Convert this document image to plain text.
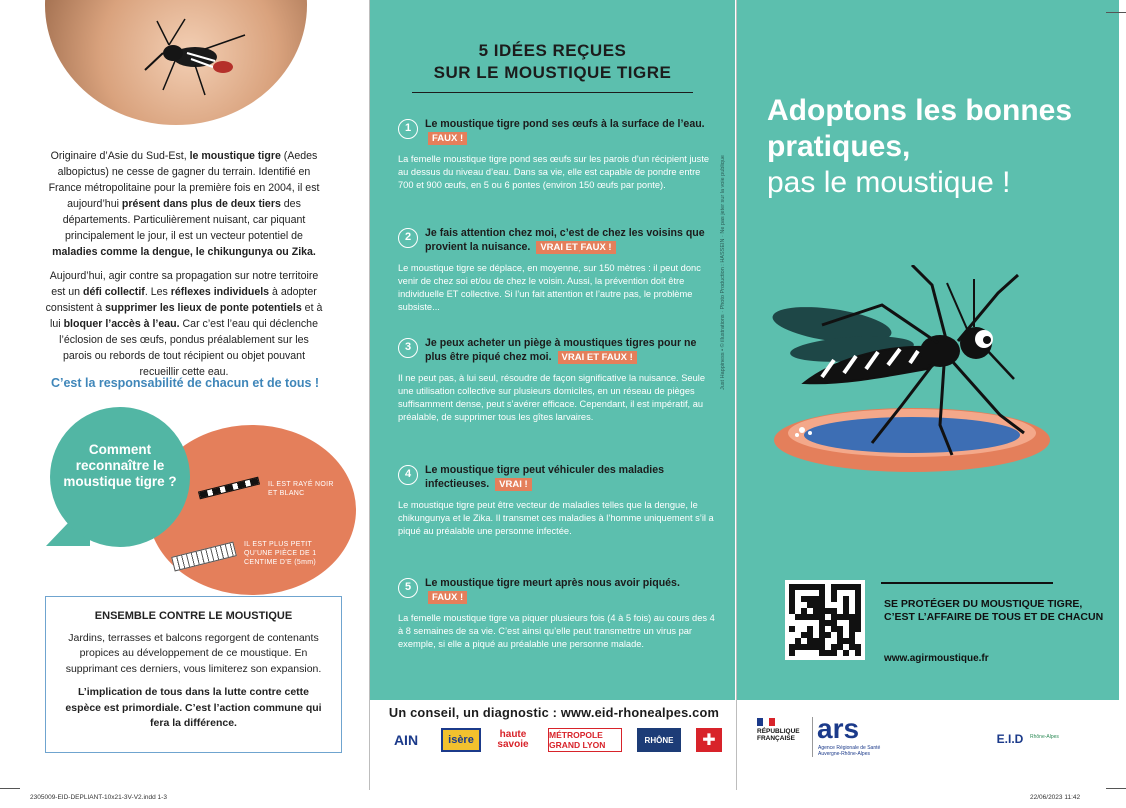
Originaire d’Asie du Sud-Est, le moustique tigre (Aedes albopictus) ne cesse de gagner du terrain. Identifié en France métropolitaine pour la première fois en 2004, il est aujourd’hui présent dans plus de deux tiers des départements. Particulièrement nuisant, car piquant principalement le jour, il est un vecteur potentiel de maladies comme la dengue, le chikungunya ou Zika.

Aujourd’hui, agir contre sa propagation sur notre territoire est un défi collectif. Les réflexes individuels à adopter consistent à supprimer les lieux de ponte potentiels et à lui bloquer l’accès à l’eau. Car c’est l’eau qui déclenche l’éclosion de ses œufs, pondus préalablement sur les parois ou rebords de tout récipient ou objet pouvant recueillir cette eau.

C’est la responsabilité de chacun et de tous !
Comment reconnaître le moustique tigre ?	IL EST RAYÉ NOIR ET BLANC
IL EST PLUS PETIT QU’UNE PIÈCE DE 1 CENTIME D’E (5mm)
ENSEMBLE CONTRE LE MOUSTIQUE

Jardins, terrasses et balcons regorgent de contenants propices au développement de ce moustique. En supprimant ces derniers, vous limiterez son expansion.

L’implication de tous dans la lutte contre cette espèce est primordiale. C’est l’action commune qui fera la différence.

5 IDÉES REÇUES
SUR LE MOUSTIQUE TIGRE
1	Le moustique tigre pond ses œufs à la surface de l’eau. FAUX !
La femelle moustique tigre pond ses œufs sur les parois d’un récipient juste au dessus du niveau d’eau. Dans sa vie, elle est capable de pondre entre 700 et 900 œufs, en 5 ou 6 pontes (environ 150 œufs par ponte).
2	Je fais attention chez moi, c’est de chez les voisins que provient la nuisance. VRAI ET FAUX !
Le moustique tigre se déplace, en moyenne, sur 150 mètres : il peut donc venir de chez soi et/ou de chez le voisin. Aussi, la prévention doit être individuelle ET collective. Si l’un fait attention et l’autre pas, le problème subsiste...
3	Je peux acheter un piège à moustiques tigres pour ne plus être piqué chez moi. VRAI ET FAUX !
Il ne peut pas, à lui seul, résoudre de façon significative la nuisance. Seule une utilisation collective sur plusieurs domiciles, en un réseau de pièges suffisamment dense, peut s’avérer efficace. Cependant, il est impératif, au préalable, de supprimer tous les gîtes larvaires.
4	Le moustique tigre peut véhiculer des maladies infectieuses. VRAI !
Le moustique tigre peut être vecteur de maladies telles que la dengue, le chikungunya et le Zika. Il transmet ces maladies à l’homme uniquement s’il a piqué au préalable une personne infectée.
5	Le moustique tigre meurt après nous avoir piqués. FAUX !
La femelle moustique tigre va piquer plusieurs fois (4 à 5 fois) au cours des 4 à 8 semaines de sa vie. C’est ainsi qu’elle peut transmettre un virus par exemple, si elle a piqué au préalable une personne malade.
Just Happiness • © illustrations · Photo Production : HASSEIN · Ne pas jeter sur la voie publique
Adoptons les bonnes pratiques,
pas le moustique !
SE PROTÉGER DU MOUSTIQUE TIGRE, C’EST L’AFFAIRE DE TOUS ET DE CHACUN
www.agirmoustique.fr
Un conseil, un diagnostic : www.eid-rhonealpes.com
AIN	isère	haute savoie
MÉTROPOLE GRAND LYON	RHÔNE	✚
RÉPUBLIQUE FRANÇAISE ars
Agence Régionale de Santé Auvergne-Rhône-Alpes
E.I.D	Rhône-Alpes
2305009-EID-DEPLIANT-10x21-3V-V2.indd 1-3	22/06/2023 11:42
